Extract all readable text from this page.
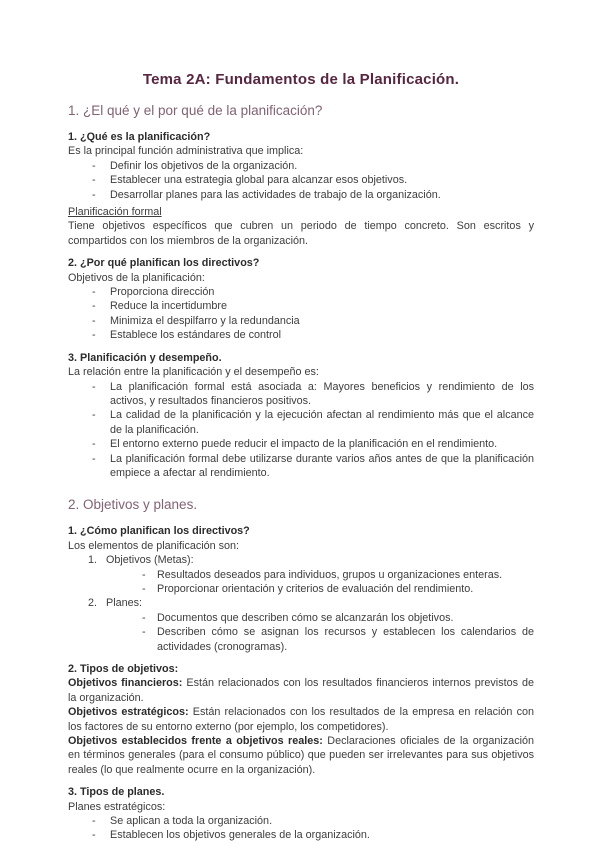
Tema 2A: Fundamentos de la Planificación.
1. ¿El qué y el por qué de la planificación?

1. ¿Qué es la planificación?

Es la principal función administrativa que implica:

-	Definir los objetivos de la organización.
-	Establecer una estrategia global para alcanzar esos objetivos.
-	Desarrollar planes para las actividades de trabajo de la organización.

Planificación formal

Tiene objetivos específicos que cubren un periodo de tiempo concreto. Son escritos y compartidos con los miembros de la organización.

2. ¿Por qué planifican los directivos?

Objetivos de la planificación:

-	Proporciona dirección
-	Reduce la incertidumbre
-	Minimiza el despilfarro y la redundancia
-	Establece los estándares de control

3. Planificación y desempeño.

La relación entre la planificación y el desempeño es:

-	La planificación formal está asociada a: Mayores beneficios y rendimiento de los activos, y resultados financieros positivos.
-	La calidad de la planificación y la ejecución afectan al rendimiento más que el alcance de la planificación.
-	El entorno externo puede reducir el impacto de la planificación en el rendimiento.
-	La planificación formal debe utilizarse durante varios años antes de que la planificación empiece a afectar al rendimiento.
2. Objetivos y planes.

1. ¿Cómo planifican los directivos?

Los elementos de planificación son:

1. Objetivos (Metas):
-	Resultados deseados para individuos, grupos u organizaciones enteras.
-	Proporcionar orientación y criterios de evaluación del rendimiento.
2. Planes:
-	Documentos que describen cómo se alcanzarán los objetivos.
-	Describen cómo se asignan los recursos y establecen los calendarios de actividades (cronogramas).

2. Tipos de objetivos:

Objetivos financieros: Están relacionados con los resultados financieros internos previstos de la organización.

Objetivos estratégicos: Están relacionados con los resultados de la empresa en relación con los factores de su entorno externo (por ejemplo, los competidores).

Objetivos establecidos frente a objetivos reales: Declaraciones oficiales de la organización en términos generales (para el consumo público) que pueden ser irrelevantes para sus objetivos reales (lo que realmente ocurre en la organización).

3. Tipos de planes.

Planes estratégicos:

-	Se aplican a toda la organización.
-	Establecen los objetivos generales de la organización.
